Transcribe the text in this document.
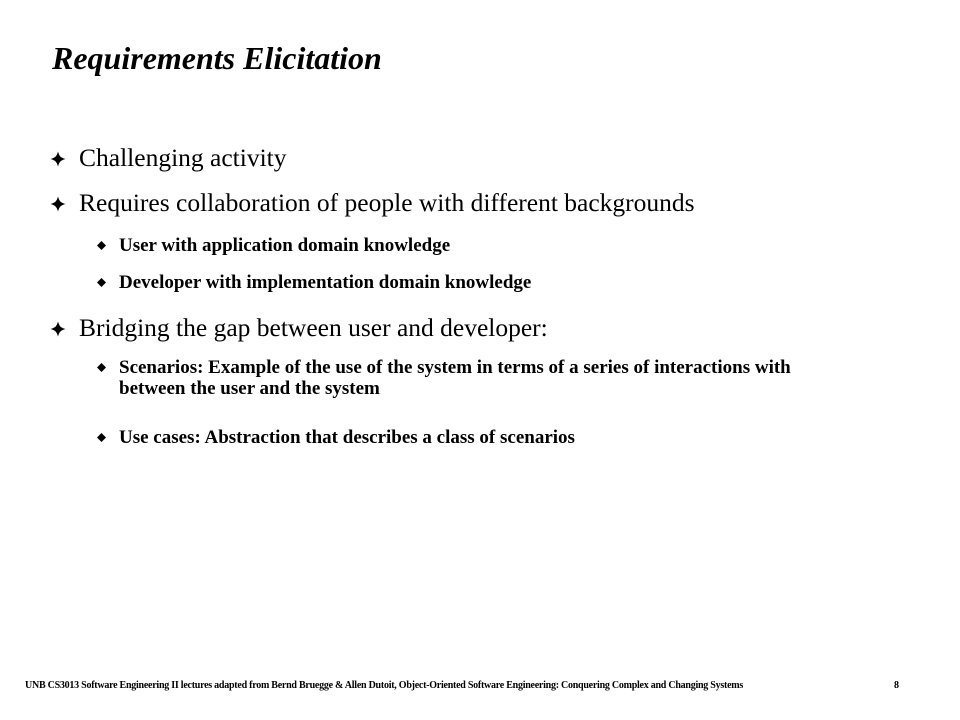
Requirements Elicitation
Challenging activity
Requires collaboration of people with different backgrounds
User with application domain knowledge
Developer with implementation domain knowledge
Bridging the gap between user and developer:
Scenarios: Example of the use of the system in terms of a series of interactions with between the user and the system
Use cases: Abstraction that describes a class of scenarios
UNB CS3013 Software Engineering II lectures adapted from Bernd Bruegge & Allen Dutoit, Object-Oriented Software Engineering: Conquering Complex and Changing Systems	8
